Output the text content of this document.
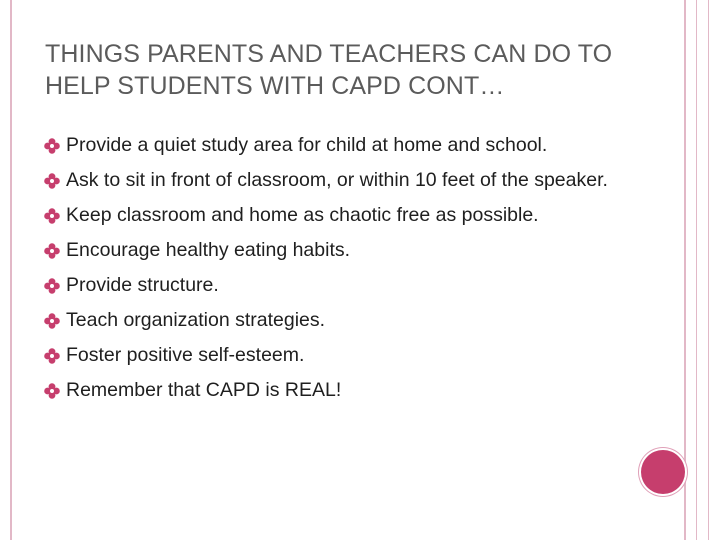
THINGS PARENTS AND TEACHERS CAN DO TO HELP STUDENTS WITH CAPD CONT…
Provide a quiet study area for child at home and school.
Ask to sit in front of classroom, or within 10 feet of the speaker.
Keep classroom and home as chaotic free as possible.
Encourage healthy eating habits.
Provide structure.
Teach organization strategies.
Foster positive self-esteem.
Remember that CAPD is REAL!
